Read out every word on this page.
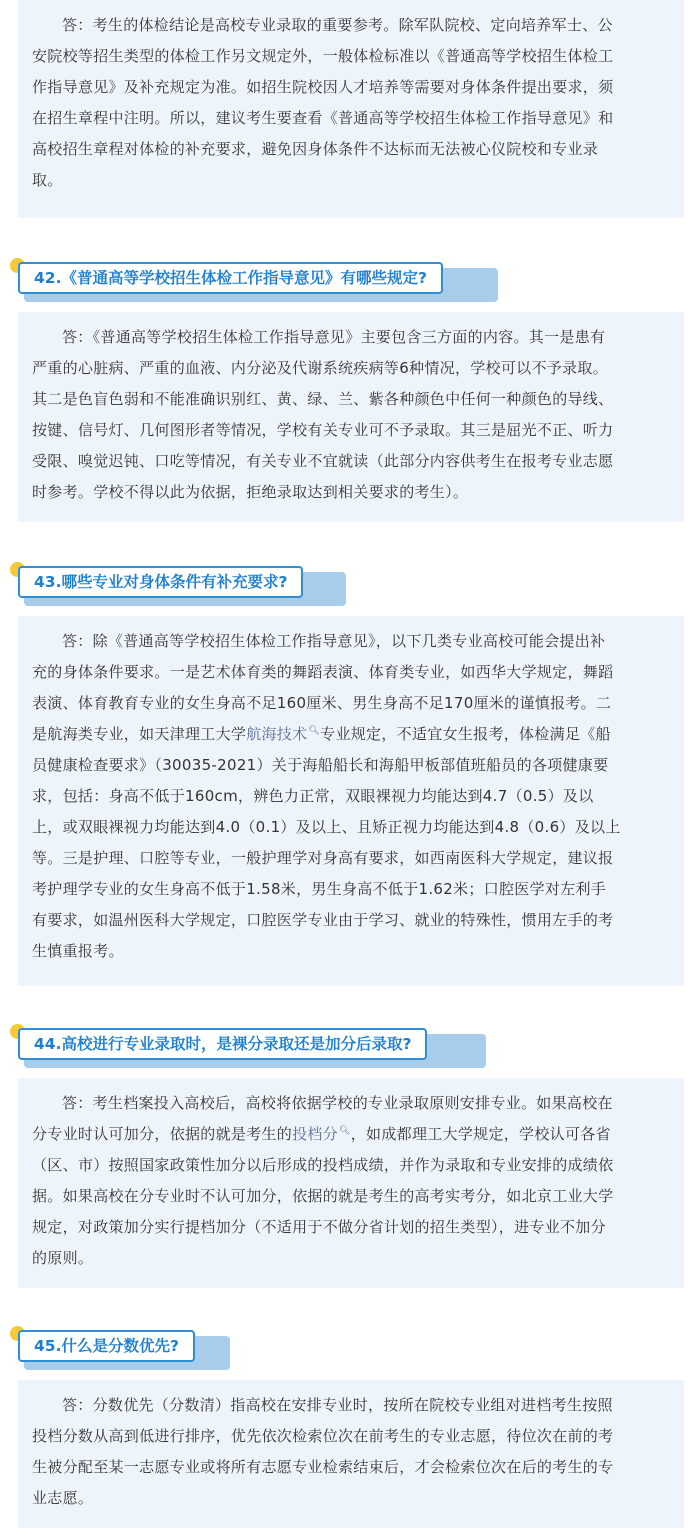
答：考生的体检结论是高校专业录取的重要参考。除军队院校、定向培养军士、公
安院校等招生类型的体检工作另文规定外，一般体检标准以《普通高等学校招生体检工
作指导意见》及补充规定为准。如招生院校因人才培养等需要对身体条件提出要求，须
在招生章程中注明。所以，建议考生要查看《普通高等学校招生体检工作指导意见》和
高校招生章程对体检的补充要求，避免因身体条件不达标而无法被心仪院校和专业录
取。
42.《普通高等学校招生体检工作指导意见》有哪些规定?
答：《普通高等学校招生体检工作指导意见》主要包含三方面的内容。其一是患有
严重的心脏病、严重的血液、内分泌及代谢系统疾病等6种情况，学校可以不予录取。
其二是色盲色弱和不能准确识别红、黄、绿、兰、紫各种颜色中任何一种颜色的导线、
按键、信号灯、几何图形者等情况，学校有关专业可不予录取。其三是屈光不正、听力
受限、嗅觉迟钝、口吃等情况，有关专业不宜就读（此部分内容供考生在报考专业志愿
时参考。学校不得以此为依据，拒绝录取达到相关要求的考生）。
43.哪些专业对身体条件有补充要求?
答：除《普通高等学校招生体检工作指导意见》，以下几类专业高校可能会提出补
充的身体条件要求。一是艺术体育类的舞蹈表演、体育类专业，如西华大学规定，舞蹈
表演、体育教育专业的女生身高不足160厘米、男生身高不足170厘米的谨慎报考。二
是航海类专业，如天津理工大学航海技术🔍︎专业规定，不适宜女生报考，体检满足《船
员健康检查要求》（30035-2021）关于海船船长和海船甲板部值班船员的各项健康要
求，包括：身高不低于160cm，辨色力正常，双眼裸视力均能达到4.7（0.5）及以
上，或双眼裸视力均能达到4.0（0.1）及以上、且矫正视力均能达到4.8（0.6）及以上
等。三是护理、口腔等专业，一般护理学对身高有要求，如西南医科大学规定，建议报
考护理学专业的女生身高不低于1.58米，男生身高不低于1.62米；口腔医学对左利手
有要求，如温州医科大学规定，口腔医学专业由于学习、就业的特殊性，惯用左手的考
生慎重报考。
44.高校进行专业录取时，是裸分录取还是加分后录取?
答：考生档案投入高校后，高校将依据学校的专业录取原则安排专业。如果高校在
分专业时认可加分，依据的就是考生的投档分🔍︎，如成都理工大学规定，学校认可各省
（区、市）按照国家政策性加分以后形成的投档成绩，并作为录取和专业安排的成绩依
据。如果高校在分专业时不认可加分，依据的就是考生的高考实考分，如北京工业大学
规定，对政策加分实行提档加分（不适用于不做分省计划的招生类型），进专业不加分
的原则。
45.什么是分数优先?
答：分数优先（分数清）指高校在安排专业时，按所在院校专业组对进档考生按照
投档分数从高到低进行排序，优先依次检索位次在前考生的专业志愿，待位次在前的考
生被分配至某一志愿专业或将所有志愿专业检索结束后，才会检索位次在后的考生的专
业志愿。
